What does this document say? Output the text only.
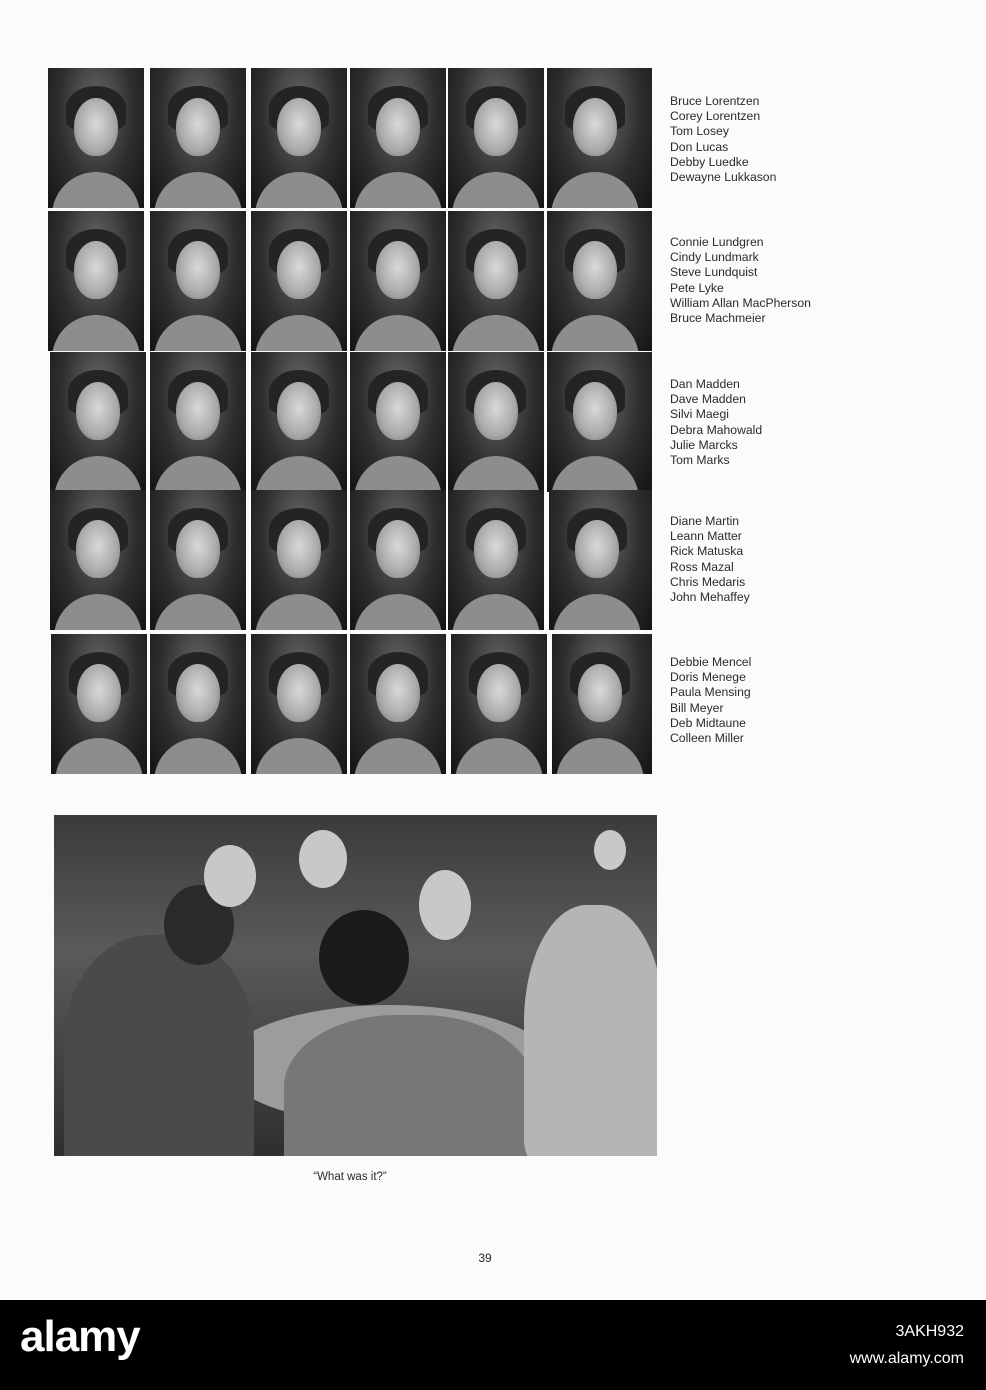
Bruce Lorentzen
Corey Lorentzen
Tom Losey
Don Lucas
Debby Luedke
Dewayne Lukkason
Connie Lundgren
Cindy Lundmark
Steve Lundquist
Pete Lyke
William Allan MacPherson
Bruce Machmeier
Dan Madden
Dave Madden
Silvi Maegi
Debra Mahowald
Julie Marcks
Tom Marks
Diane Martin
Leann Matter
Rick Matuska
Ross Mazal
Chris Medaris
John Mehaffey
Debbie Mencel
Doris Menege
Paula Mensing
Bill Meyer
Deb Midtaune
Colleen Miller
“What was it?”
39
alamy	3AKH932
www.alamy.com
